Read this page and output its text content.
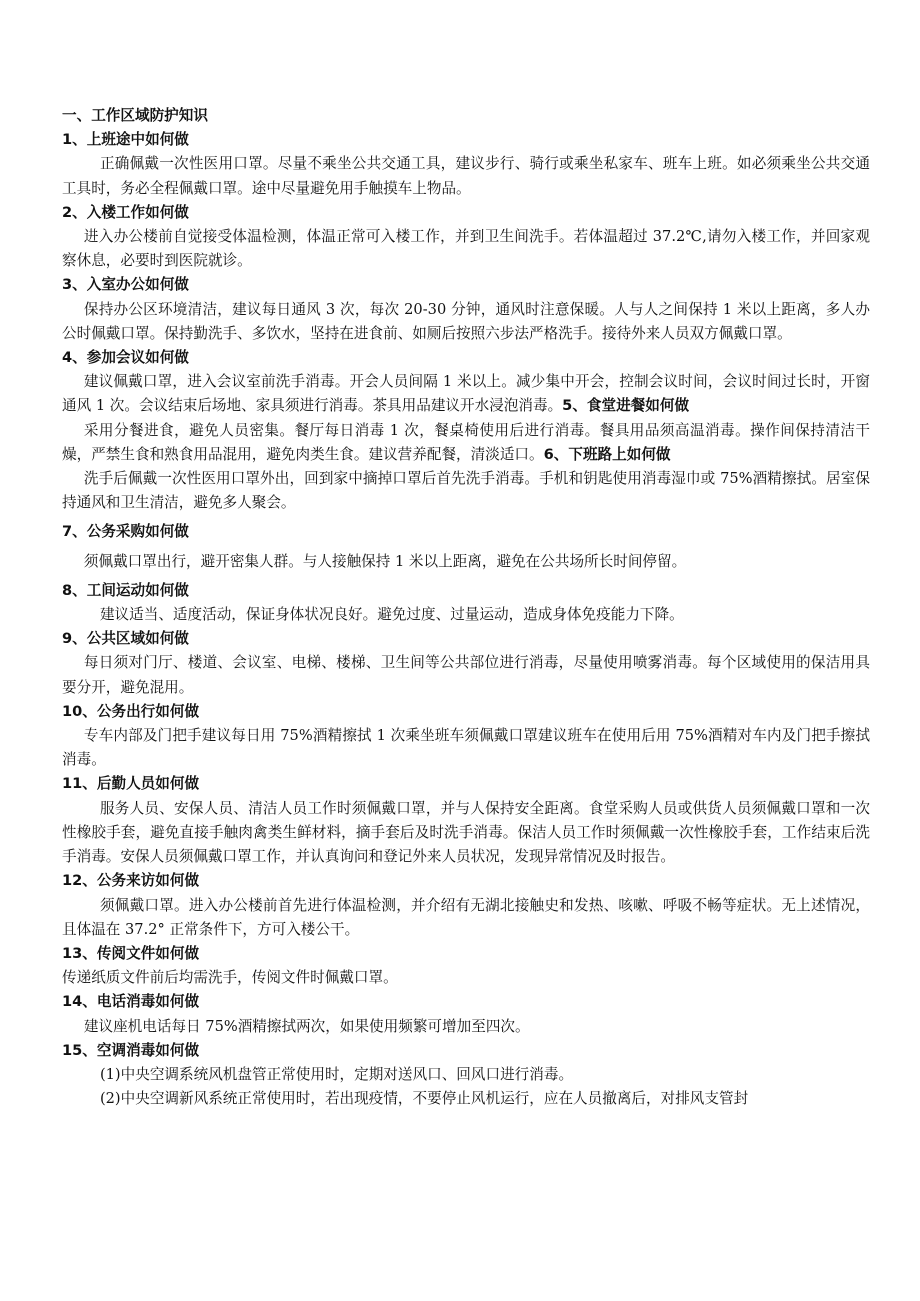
一、工作区域防护知识

1、上班途中如何做

正确佩戴一次性医用口罩。尽量不乘坐公共交通工具，建议步行、骑行或乘坐私家车、班车上班。如必须乘坐公共交通工具时，务必全程佩戴口罩。途中尽量避免用手触摸车上物品。

2、入楼工作如何做

进入办公楼前自觉接受体温检测，体温正常可入楼工作，并到卫生间洗手。若体温超过 37.2℃,请勿入楼工作，并回家观察休息，必要时到医院就诊。

3、入室办公如何做

保持办公区环境清洁，建议每日通风 3 次，每次 20-30 分钟，通风时注意保暖。人与人之间保持 1 米以上距离，多人办公时佩戴口罩。保持勤洗手、多饮水，坚持在进食前、如厕后按照六步法严格洗手。接待外来人员双方佩戴口罩。

4、参加会议如何做

建议佩戴口罩，进入会议室前洗手消毒。开会人员间隔 1 米以上。减少集中开会，控制会议时间，会议时间过长时，开窗通风 1 次。会议结束后场地、家具须进行消毒。茶具用品建议开水浸泡消毒。5、食堂进餐如何做

采用分餐进食，避免人员密集。餐厅每日消毒 1 次，餐桌椅使用后进行消毒。餐具用品须高温消毒。操作间保持清洁干燥，严禁生食和熟食用品混用，避免肉类生食。建议营养配餐，清淡适口。6、下班路上如何做

洗手后佩戴一次性医用口罩外出，回到家中摘掉口罩后首先洗手消毒。手机和钥匙使用消毒湿巾或 75%酒精擦拭。居室保持通风和卫生清洁，避免多人聚会。

7、公务采购如何做

须佩戴口罩出行，避开密集人群。与人接触保持 1 米以上距离，避免在公共场所长时间停留。

8、工间运动如何做

建议适当、适度活动，保证身体状况良好。避免过度、过量运动，造成身体免疫能力下降。

9、公共区域如何做

每日须对门厅、楼道、会议室、电梯、楼梯、卫生间等公共部位进行消毒，尽量使用喷雾消毒。每个区域使用的保洁用具要分开，避免混用。

10、公务出行如何做

专车内部及门把手建议每日用 75%酒精擦拭 1 次乘坐班车须佩戴口罩建议班车在使用后用 75%酒精对车内及门把手擦拭消毒。

11、后勤人员如何做

服务人员、安保人员、清洁人员工作时须佩戴口罩，并与人保持安全距离。食堂采购人员或供货人员须佩戴口罩和一次性橡胶手套，避免直接手触肉禽类生鲜材料，摘手套后及时洗手消毒。保洁人员工作时须佩戴一次性橡胶手套，工作结束后洗手消毒。安保人员须佩戴口罩工作，并认真询问和登记外来人员状况，发现异常情况及时报告。

12、公务来访如何做

须佩戴口罩。进入办公楼前首先进行体温检测，并介绍有无湖北接触史和发热、咳嗽、呼吸不畅等症状。无上述情况，且体温在 37.2° 正常条件下，方可入楼公干。

13、传阅文件如何做

传递纸质文件前后均需洗手，传阅文件时佩戴口罩。

14、电话消毒如何做

建议座机电话每日 75%酒精擦拭两次，如果使用频繁可增加至四次。

15、空调消毒如何做

(1)中央空调系统风机盘管正常使用时，定期对送风口、回风口进行消毒。

(2)中央空调新风系统正常使用时，若出现疫情，不要停止风机运行，应在人员撤离后，对排风支管封
